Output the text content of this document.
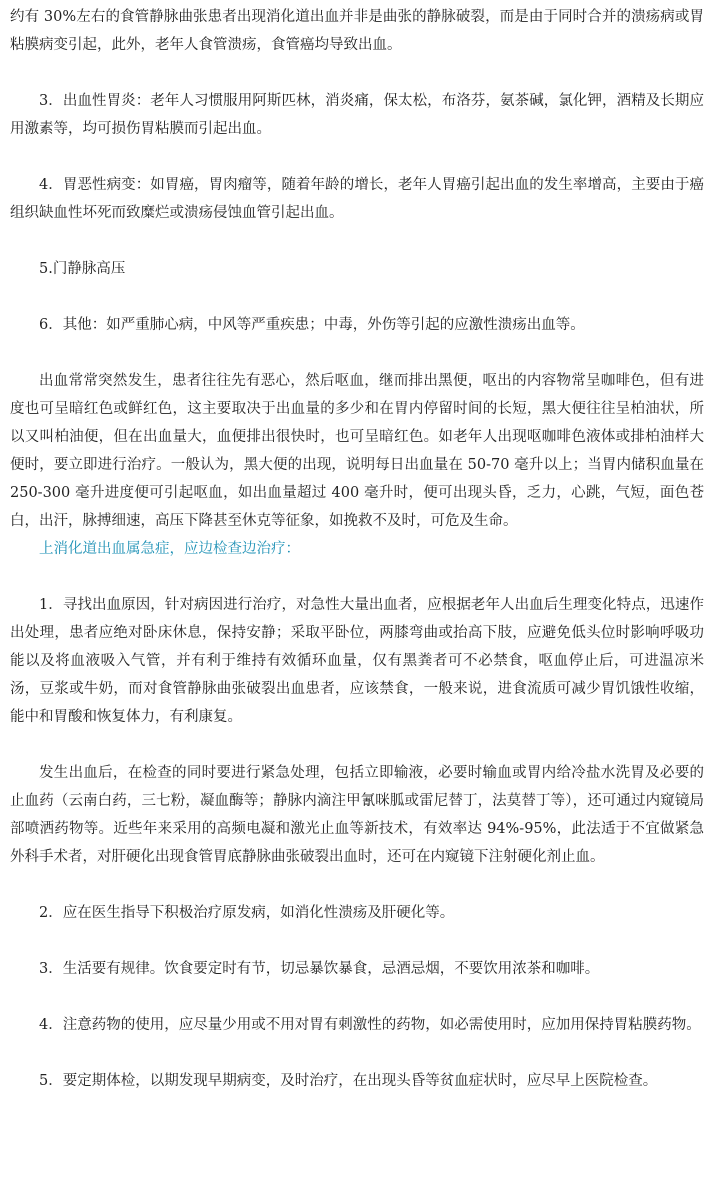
约有 30%左右的食管静脉曲张患者出现消化道出血并非是曲张的静脉破裂，而是由于同时合并的溃疡病或胃粘膜病变引起，此外，老年人食管溃疡，食管癌均导致出血。

3．出血性胃炎：老年人习惯服用阿斯匹林，消炎痛，保太松，布洛芬，氨茶碱，氯化钾，酒精及长期应用激素等，均可损伤胃粘膜而引起出血。

4．胃恶性病变：如胃癌，胃肉瘤等，随着年龄的增长，老年人胃癌引起出血的发生率增高，主要由于癌组织缺血性坏死而致糜烂或溃疡侵蚀血管引起出血。

5.门静脉高压

6．其他：如严重肺心病，中风等严重疾患；中毒，外伤等引起的应激性溃疡出血等。

出血常常突然发生，患者往往先有恶心，然后呕血，继而排出黑便，呕出的内容物常呈咖啡色，但有进度也可呈暗红色或鲜红色，这主要取决于出血量的多少和在胃内停留时间的长短，黑大便往往呈柏油状，所以又叫柏油便，但在出血量大，血便排出很快时，也可呈暗红色。如老年人出现呕咖啡色液体或排柏油样大便时，要立即进行治疗。一般认为，黑大便的出现，说明每日出血量在 50-70 毫升以上；当胃内储积血量在 250-300 毫升进度便可引起呕血，如出血量超过 400 毫升时，便可出现头昏，乏力，心跳，气短，面色苍白，出汗，脉搏细速，高压下降甚至休克等征象，如挽救不及时，可危及生命。

上消化道出血属急症，应边检查边治疗：

1．寻找出血原因，针对病因进行治疗，对急性大量出血者，应根据老年人出血后生理变化特点，迅速作出处理，患者应绝对卧床休息，保持安静；采取平卧位，两膝弯曲或抬高下肢，应避免低头位时影响呼吸功能以及将血液吸入气管，并有利于维持有效循环血量，仅有黑粪者可不必禁食，呕血停止后，可进温凉米汤，豆浆或牛奶，而对食管静脉曲张破裂出血患者，应该禁食，一般来说，进食流质可减少胃饥饿性收缩，能中和胃酸和恢复体力，有利康复。

发生出血后，在检查的同时要进行紧急处理，包括立即输液，必要时输血或胃内给冷盐水洗胃及必要的止血药（云南白药，三七粉，凝血酶等；静脉内滴注甲氰咪胍或雷尼替丁，法莫替丁等），还可通过内窥镜局部喷洒药物等。近些年来采用的高频电凝和激光止血等新技术，有效率达 94%-95%，此法适于不宜做紧急外科手术者，对肝硬化出现食管胃底静脉曲张破裂出血时，还可在内窥镜下注射硬化剂止血。

2．应在医生指导下积极治疗原发病，如消化性溃疡及肝硬化等。

3．生活要有规律。饮食要定时有节，切忌暴饮暴食，忌酒忌烟，不要饮用浓茶和咖啡。

4．注意药物的使用，应尽量少用或不用对胃有刺激性的药物，如必需使用时，应加用保持胃粘膜药物。

5．要定期体检，以期发现早期病变，及时治疗，在出现头昏等贫血症状时，应尽早上医院检查。
